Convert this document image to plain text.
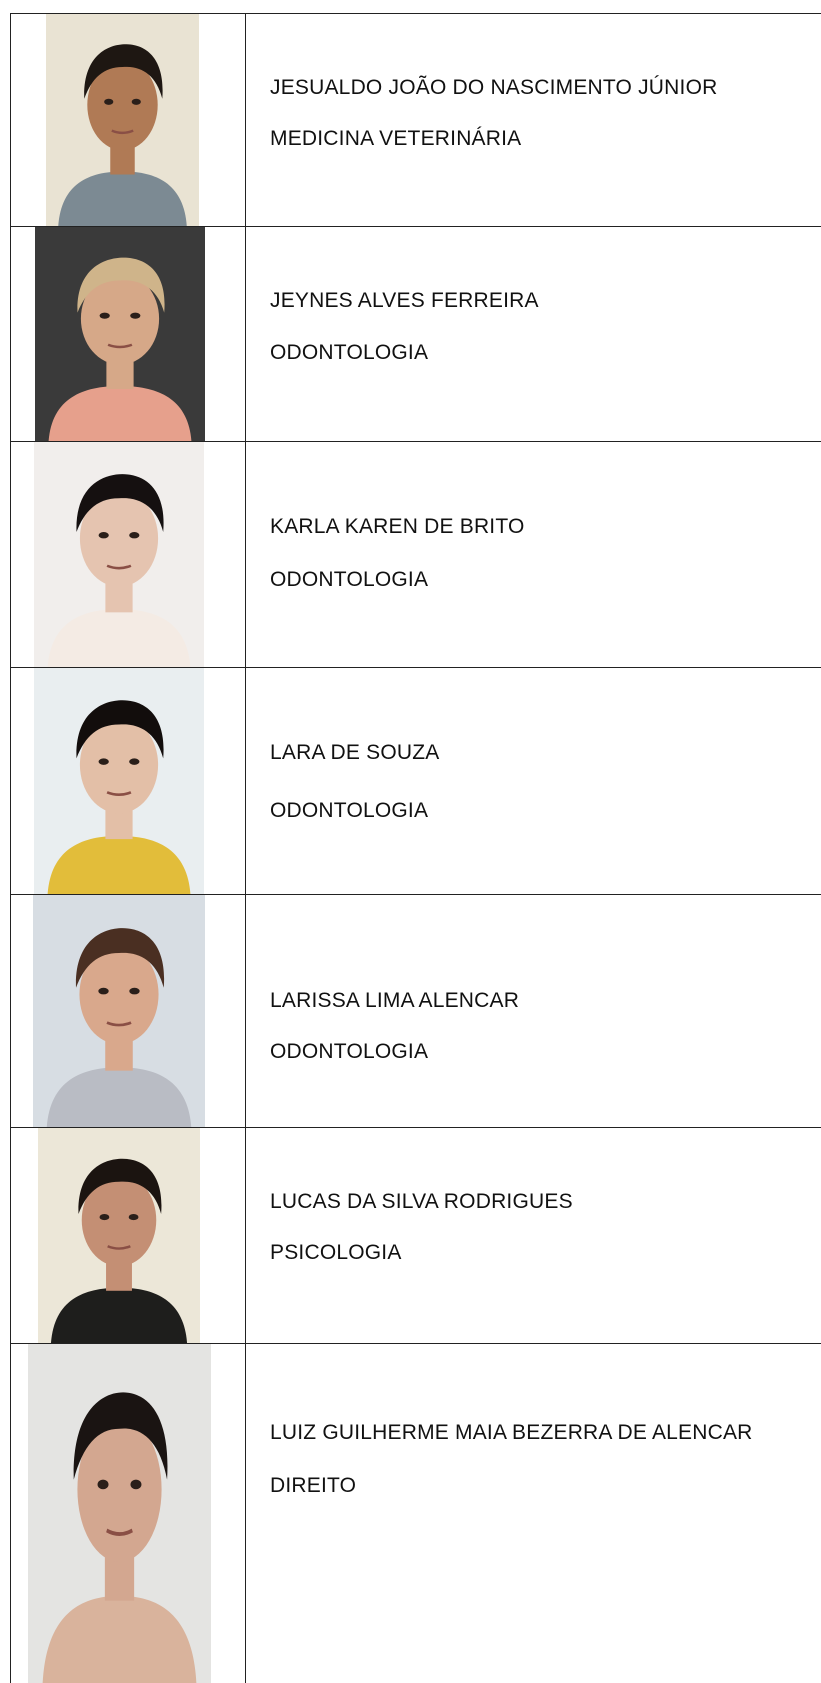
JESUALDO JOÃO DO NASCIMENTO JÚNIOR
MEDICINA VETERINÁRIA
JEYNES ALVES FERREIRA
ODONTOLOGIA
KARLA KAREN DE BRITO
ODONTOLOGIA
LARA DE SOUZA
ODONTOLOGIA
LARISSA LIMA ALENCAR
ODONTOLOGIA
LUCAS DA SILVA RODRIGUES
PSICOLOGIA
LUIZ GUILHERME MAIA BEZERRA DE ALENCAR
DIREITO
